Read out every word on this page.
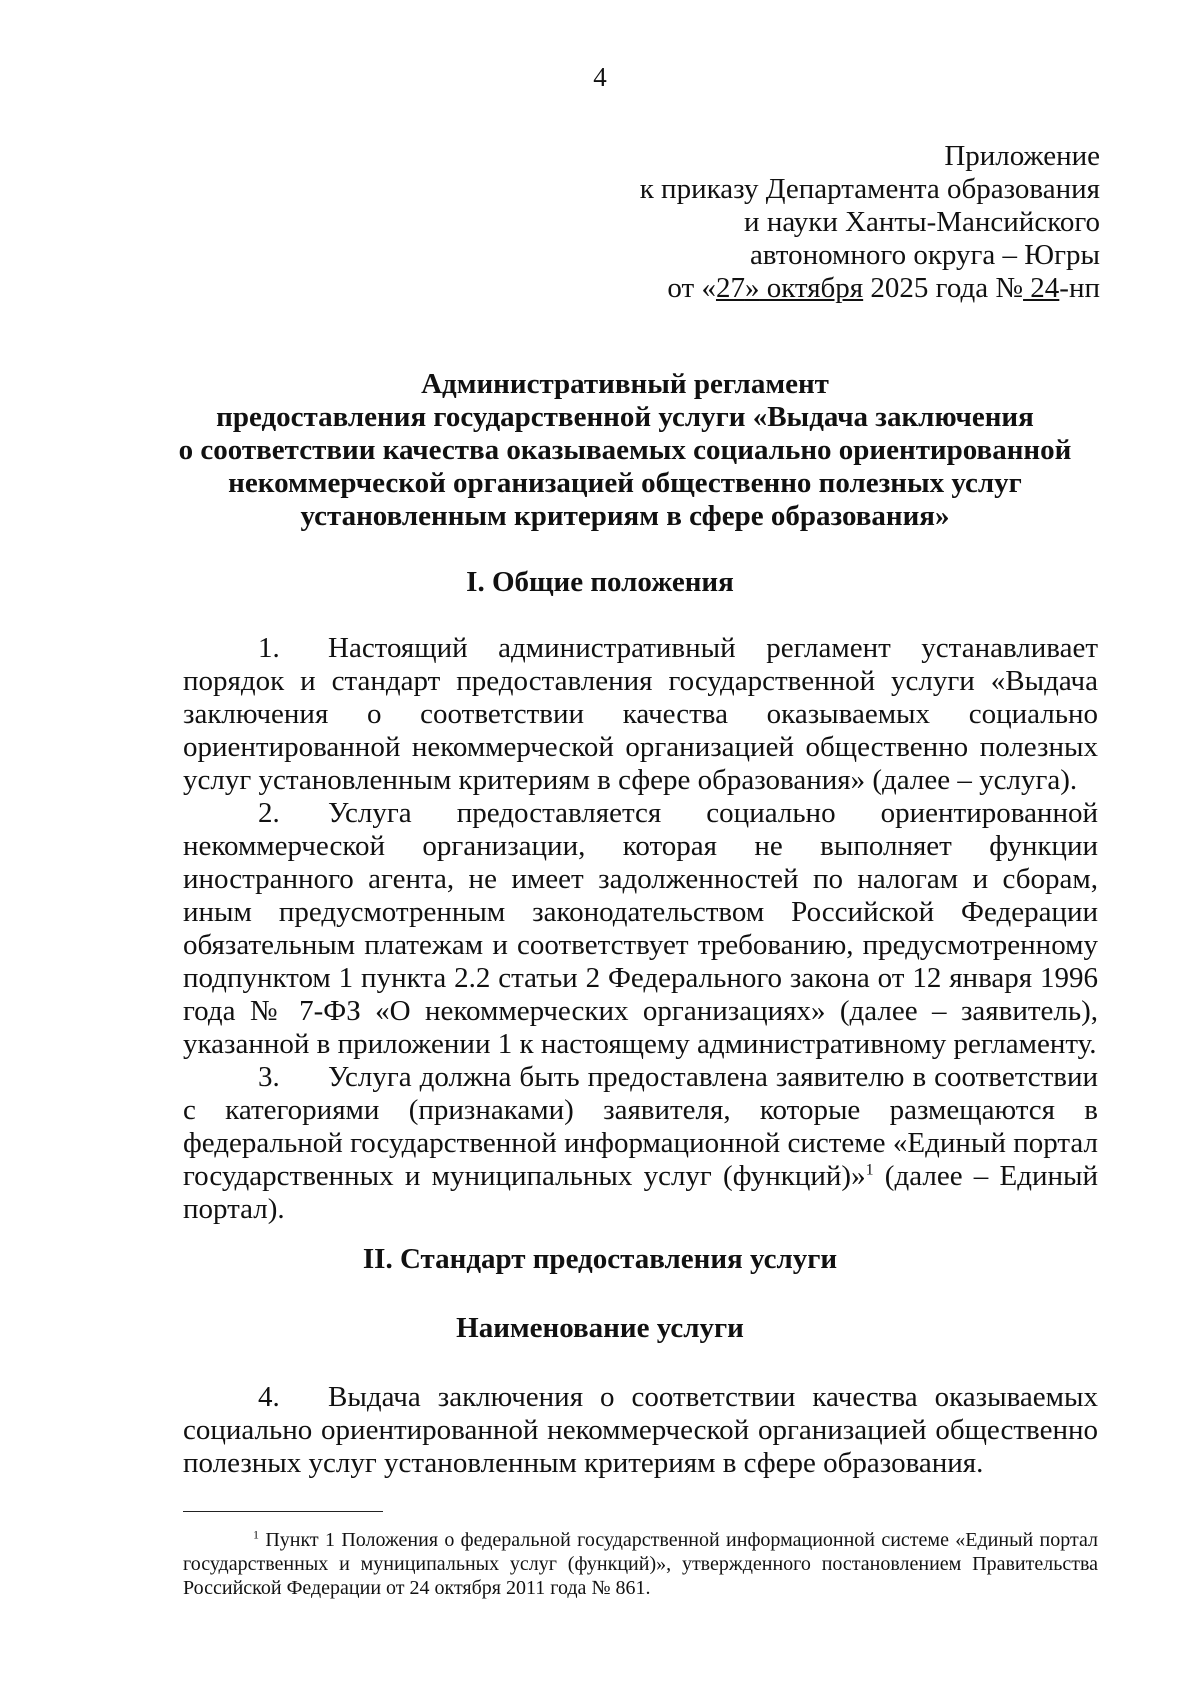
4
Приложение
к приказу Департамента образования
и науки Ханты-Мансийского
автономного округа – Югры
от «27» октября 2025 года № 24-нп
Административный регламент
предоставления государственной услуги «Выдача заключения
о соответствии качества оказываемых социально ориентированной
некоммерческой организацией общественно полезных услуг
установленным критериям в сфере образования»
I. Общие положения

1. Настоящий административный регламент устанавливает порядок и стандарт предоставления государственной услуги «Выдача заключения о соответствии качества оказываемых социально ориентированной некоммерческой организацией общественно полезных услуг установленным критериям в сфере образования» (далее – услуга).

2. Услуга предоставляется социально ориентированной некоммерческой организации, которая не выполняет функции иностранного агента, не имеет задолженностей по налогам и сборам, иным предусмотренным законодательством Российской Федерации обязательным платежам и соответствует требованию, предусмотренному подпунктом 1 пункта 2.2 статьи 2 Федерального закона от 12 января 1996 года № 7-ФЗ «О некоммерческих организациях» (далее – заявитель), указанной в приложении 1 к настоящему административному регламенту.

3. Услуга должна быть предоставлена заявителю в соответствии с категориями (признаками) заявителя, которые размещаются в федеральной государственной информационной системе «Единый портал государственных и муниципальных услуг (функций)»$^1$ (далее – Единый портал).

II. Стандарт предоставления услуги
Наименование услуги

4. Выдача заключения о соответствии качества оказываемых социально ориентированной некоммерческой организацией общественно полезных услуг установленным критериям в сфере образования.

$^1$ Пункт 1 Положения о федеральной государственной информационной системе «Единый портал государственных и муниципальных услуг (функций)», утвержденного постановлением Правительства Российской Федерации от 24 октября 2011 года № 861.
